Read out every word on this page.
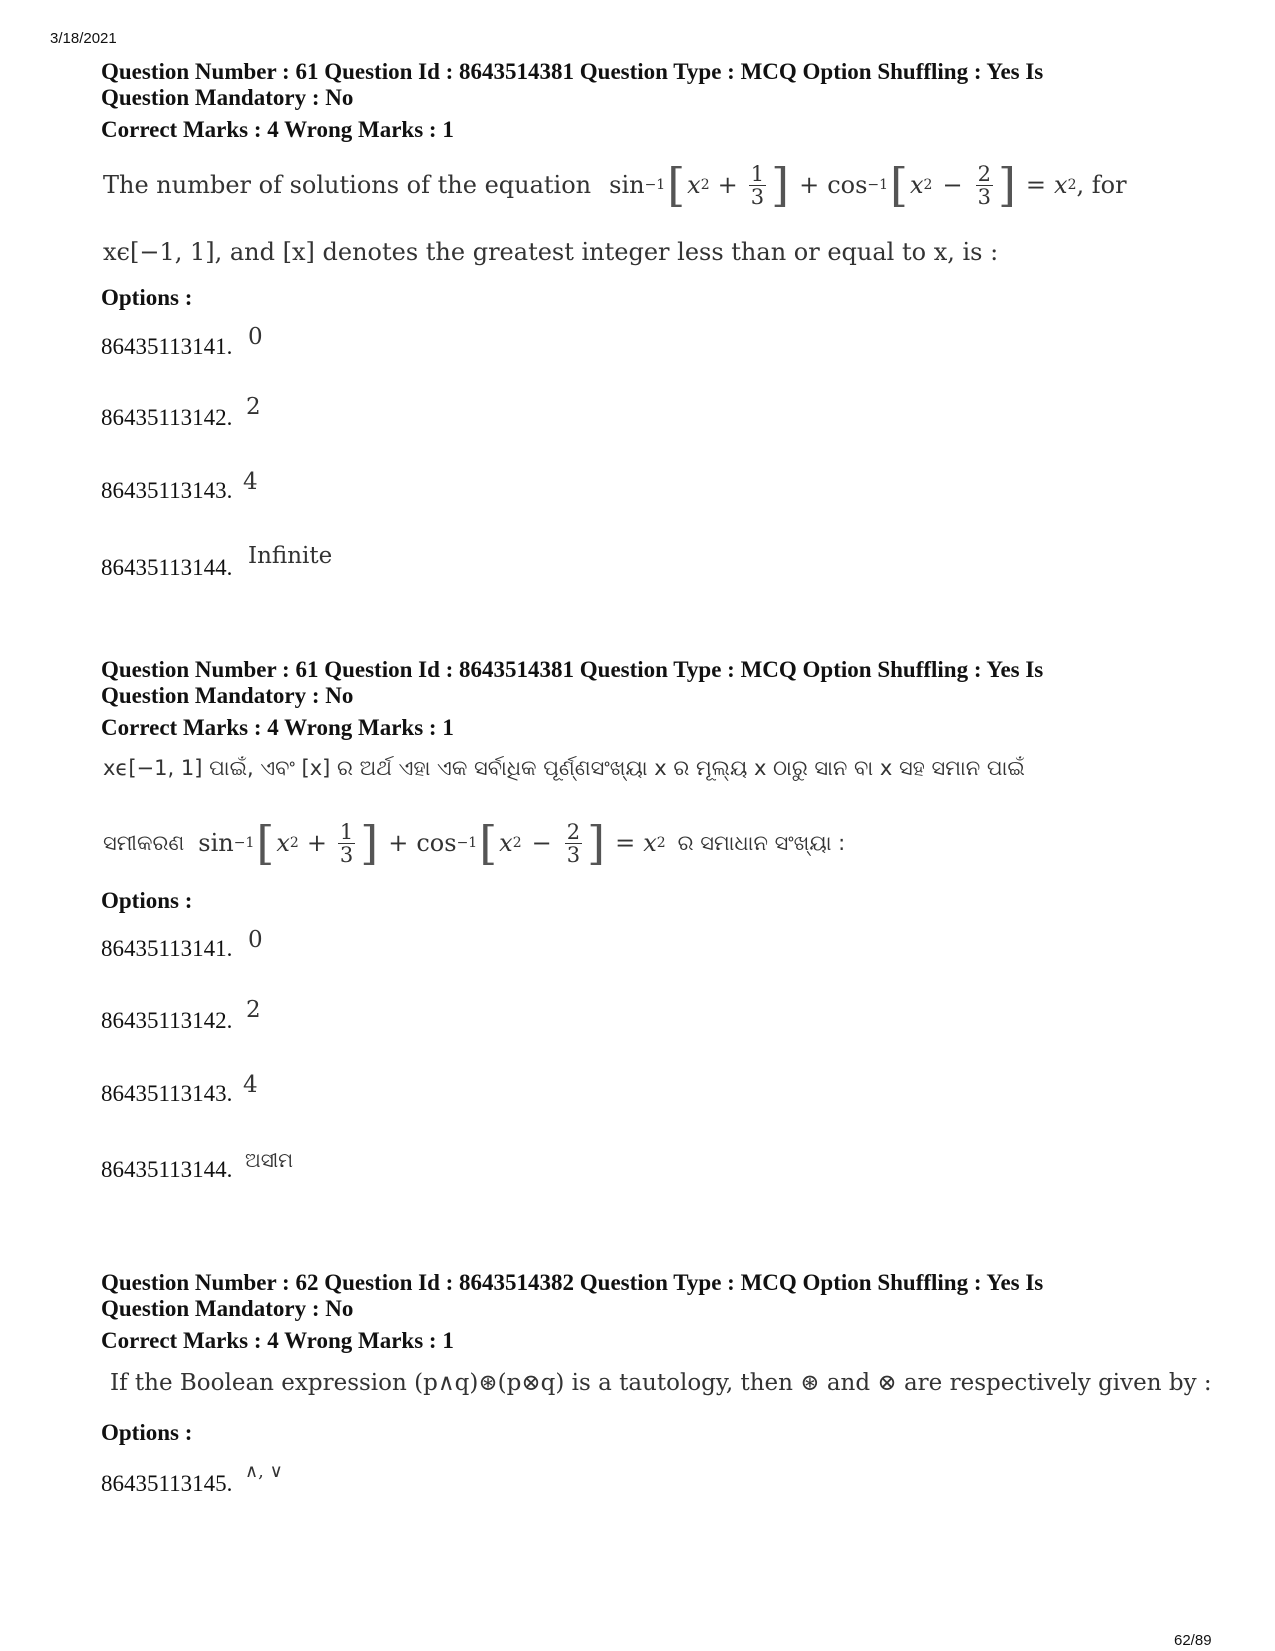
3/18/2021
Question Number : 61 Question Id : 8643514381 Question Type : MCQ Option Shuffling : Yes Is
Question Mandatory : No
Correct Marks : 4 Wrong Marks : 1
The number of solutions of the equation sin −1 [ x $2 + \frac{1}{3}$ ] + cos −1 [ x $2 - \frac{2}{3}$ ] = x 2 , for
xϵ[−1, 1], and [x] denotes the greatest integer less than or equal to x, is :
Options :
86435113141. 0
86435113142. 2
86435113143. 4
86435113144. Infinite
Question Number : 61 Question Id : 8643514381 Question Type : MCQ Option Shuffling : Yes Is
Question Mandatory : No
Correct Marks : 4 Wrong Marks : 1
xϵ[−1, 1] ପାଇଁ, ଏବଂ [x] ର ଅର୍ଥ ଏହା ଏକ ସର୍ବାଧିକ ପୂର୍ଣ୍ଣସଂଖ୍ୟା x ର ମୂଲ୍ୟ x ଠାରୁ ସାନ ବା x ସହ ସମାନ ପାଇଁ
ସମୀକରଣ sin −1 [ x $2 + \frac{1}{3}$ ] + cos −1 [ x $2 - \frac{2}{3}$ ] = x 2 ର ସମାଧାନ ସଂଖ୍ୟା :
Options :
86435113141. 0
86435113142. 2
86435113143. 4
86435113144. ଅସୀମ
Question Number : 62 Question Id : 8643514382 Question Type : MCQ Option Shuffling : Yes Is
Question Mandatory : No
Correct Marks : 4 Wrong Marks : 1
If the Boolean expression (p∧q)⊛(p⊗q) is a tautology, then ⊛ and ⊗ are respectively given by :
Options :
86435113145. ∧, ∨
62/89
